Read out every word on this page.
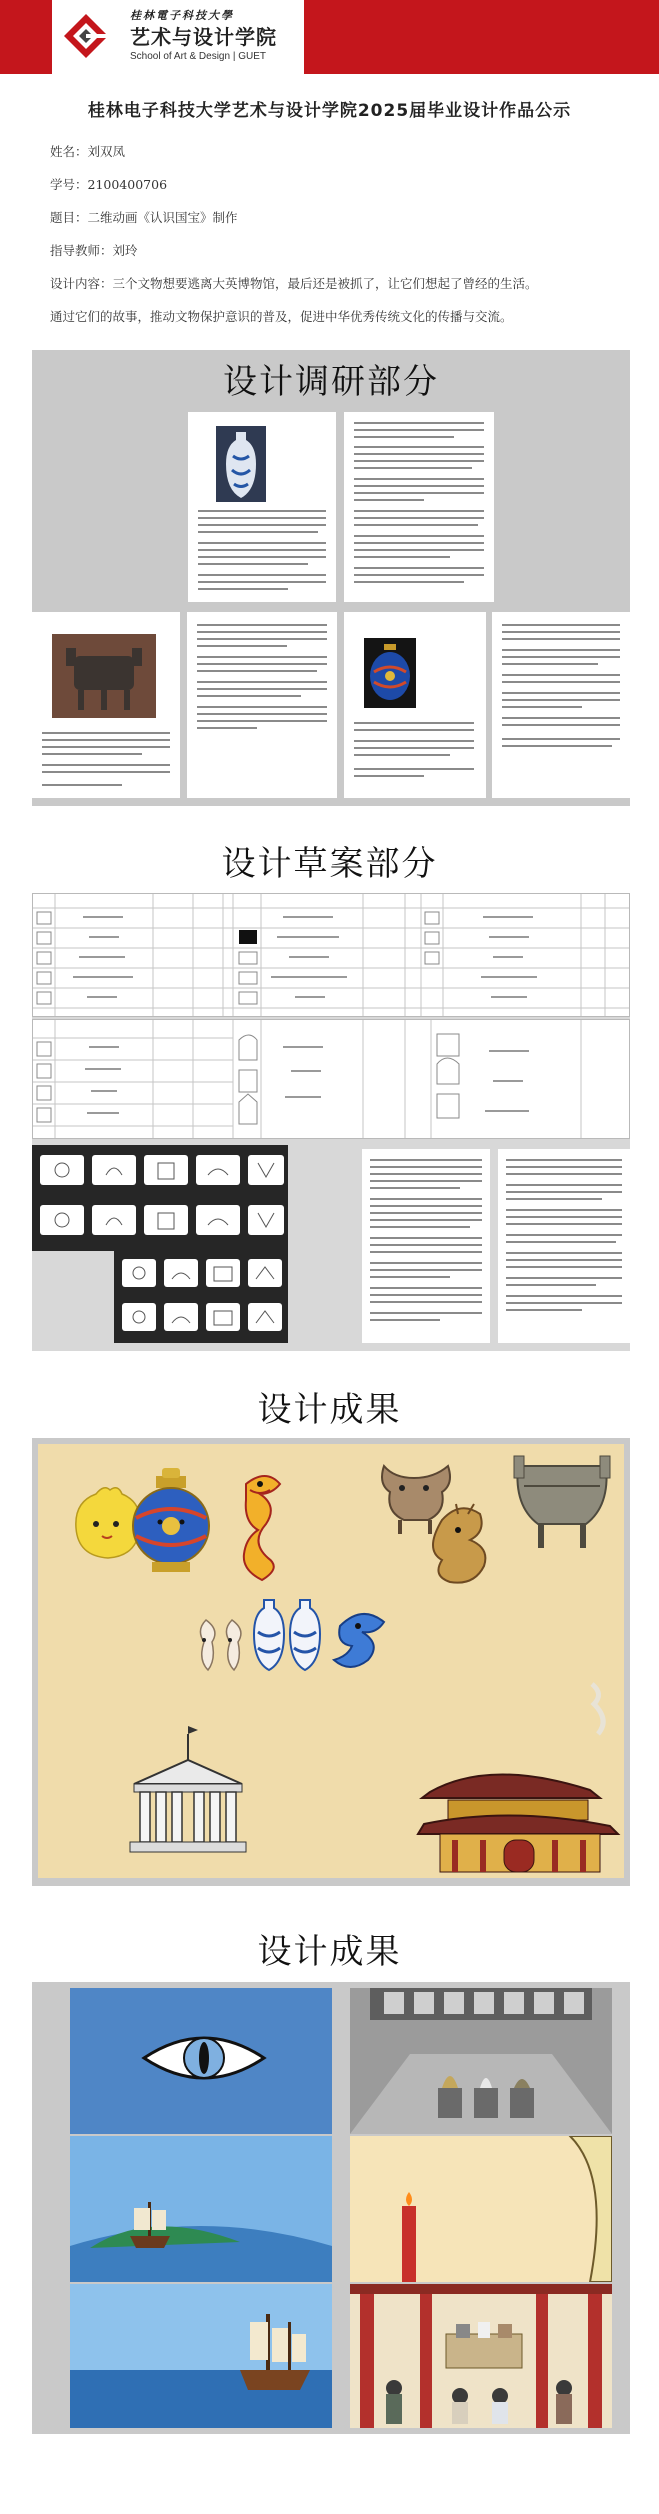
桂林電子科技大學
艺术与设计学院
School of Art & Design | GUET
桂林电子科技大学艺术与设计学院2025届毕业设计作品公示
姓名：刘双凤
学号：2100400706
题目：二维动画《认识国宝》制作
指导教师：刘玲
设计内容：三个文物想要逃离大英博物馆，最后还是被抓了，让它们想起了曾经的生活。
通过它们的故事，推动文物保护意识的普及，促进中华优秀传统文化的传播与交流。
设计调研部分
设计草案部分
设计成果
设计成果
